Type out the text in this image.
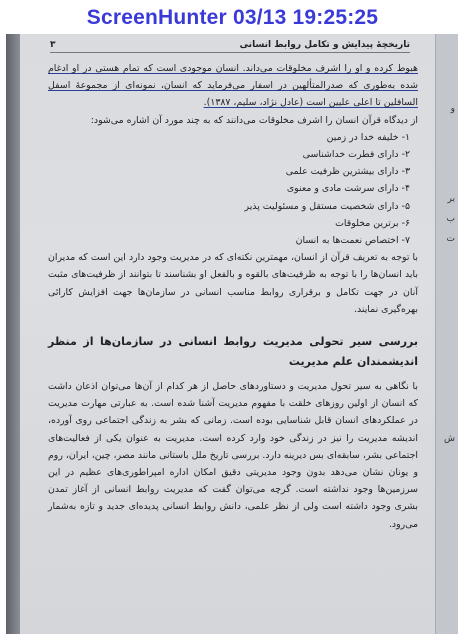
ScreenHunter 03/13 19:25:25
تاریخچهٔ پیدایش و تکامل روابط انسانی
۳

هبوط کرده و او را اشرف مخلوقات می‌داند. انسان موجودی است که تمام هستی در او ادغام شده به‌طوری که صدرالمتألهین در اسفار می‌فرماید که انسان، نمونه‌ای از مجموعهٔ اسفل السافلین تا اعلی علیین است (عادل نژاد، سلیم، ۱۳۸۷).

از دیدگاه قرآن انسان را اشرف مخلوقات می‌دانند که به چند مورد آن اشاره می‌شود:

۱- خلیفه خدا در زمین
۲- دارای فطرت خداشناسی
۳- دارای بیشترین ظرفیت علمی
۴- دارای سرشت مادی و معنوی
۵- دارای شخصیت مستقل و مسئولیت پذیر
۶- برترین مخلوقات
۷- اختصاص نعمت‌ها به انسان

با توجه به تعریف قرآن از انسان، مهمترین نکته‌ای که در مدیریت وجود دارد این است که مدیران باید انسان‌ها را با توجه به ظرفیت‌های بالقوه و بالفعل او بشناسند تا بتوانند از ظرفیت‌های مثبت آنان در جهت تکامل و برقراری روابط مناسب انسانی در سازمان‌ها جهت افزایش کارائی بهره‌گیری نمایند.

بررسی سیر تحولی مدیریت روابط انسانی در سازمان‌ها از منظر اندیشمندان علم مدیریت

با نگاهی به سیر تحول مدیریت و دستاوردهای حاصل از هر کدام از آن‌ها می‌توان اذعان داشت که انسان از اولین روزهای خلقت با مفهوم مدیریت آشنا شده است. به عبارتی مهارت مدیریت در عملکردهای انسان قابل شناسایی بوده است. زمانی که بشر به زندگی اجتماعی روی آورده، اندیشه مدیریت را نیز در زندگی خود وارد کرده است. مدیریت به عنوان یکی از فعالیت‌های اجتماعی بشر، سابقه‌ای بس دیرینه دارد. بررسی تاریخ ملل باستانی مانند مصر، چین، ایران، روم و یونان نشان می‌دهد بدون وجود مدیریتی دقیق امکان اداره امپراطوری‌های عظیم در این سرزمین‌ها وجود نداشته است. گرچه می‌توان گفت که مدیریت روابط انسانی از آغاز تمدن بشری وجود داشته است ولی از نظر علمی، دانش روابط انسانی پدیده‌ای جدید و تازه به‌شمار می‌رود.

و
بر
ب
ت
ش
